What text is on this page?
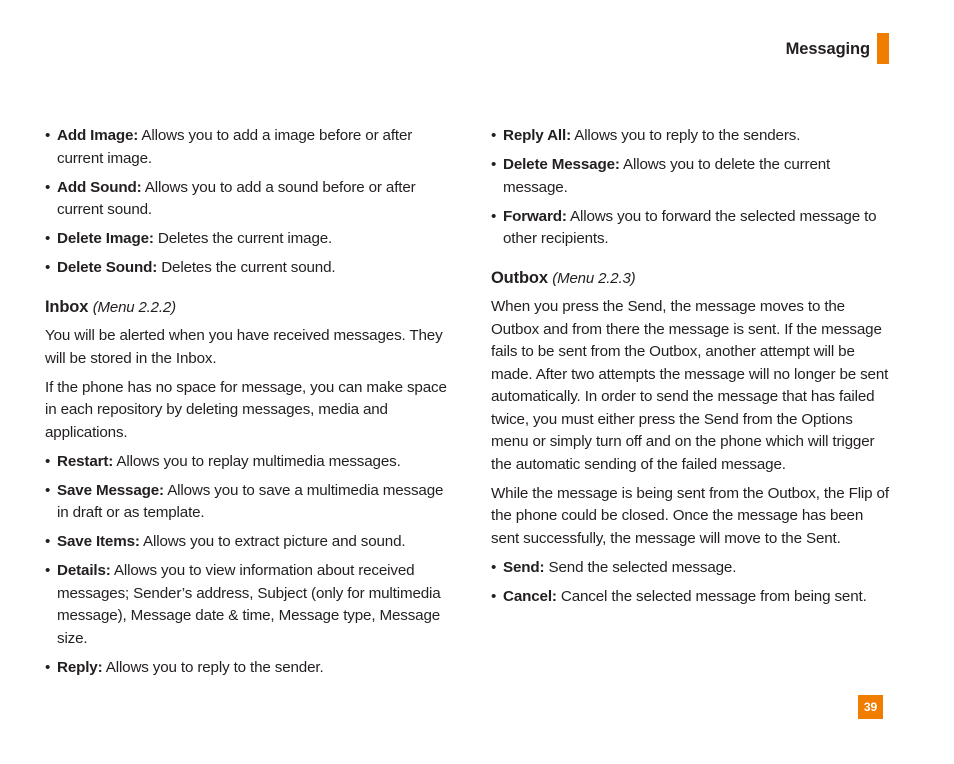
Messaging
• Add Image: Allows you to add a image before or after current image.
• Add Sound: Allows you to add a sound before or after current sound.
• Delete Image: Deletes the current image.
• Delete Sound: Deletes the current sound.
Inbox (Menu 2.2.2)
You will be alerted when you have received messages. They will be stored in the Inbox.
If the phone has no space for message, you can make space in each repository by deleting messages, media and applications.
• Restart: Allows you to replay multimedia messages.
• Save Message: Allows you to save a multimedia message in draft or as template.
• Save Items: Allows you to extract picture and sound.
• Details: Allows you to view information about received messages; Sender’s address, Subject (only for multimedia message), Message date & time, Message type, Message size.
• Reply: Allows you to reply to the sender.
• Reply All: Allows you to reply to the senders.
• Delete Message: Allows you to delete the current message.
• Forward: Allows you to forward the selected message to other recipients.
Outbox (Menu 2.2.3)
When you press the Send, the message moves to the Outbox and from there the message is sent. If the message fails to be sent from the Outbox, another attempt will be made. After two attempts the message will no longer be sent automatically. In order to send the message that has failed twice, you must either press the Send from the Options menu or simply turn off and on the phone which will trigger the automatic sending of the failed message.
While the message is being sent from the Outbox, the Flip of the phone could be closed. Once the message has been sent successfully, the message will move to the Sent.
• Send: Send the selected message.
• Cancel: Cancel the selected message from being sent.
39
